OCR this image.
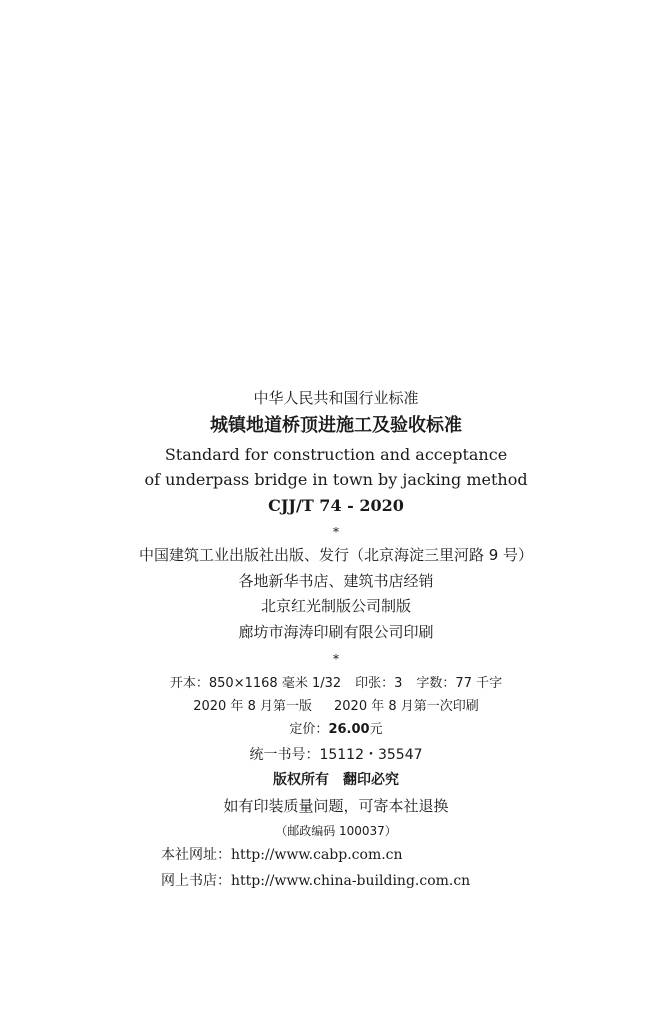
中华人民共和国行业标准
城镇地道桥顶进施工及验收标准
Standard for construction and acceptance
of underpass bridge in town by jacking method
CJJ/T 74 - 2020
*
中国建筑工业出版社出版、发行（北京海淀三里河路 9 号）
各地新华书店、建筑书店经销
北京红光制版公司制版
廊坊市海涛印刷有限公司印刷
*
开本：850×1168 毫米 1/32 印张：3 字数：77 千字
2020 年 8 月第一版 2020 年 8 月第一次印刷
定价：26.00元
统一书号：15112・35547
版权所有 翻印必究
如有印装质量问题，可寄本社退换
（邮政编码 100037）
本社网址：http://www.cabp.com.cn
网上书店：http://www.china-building.com.cn
